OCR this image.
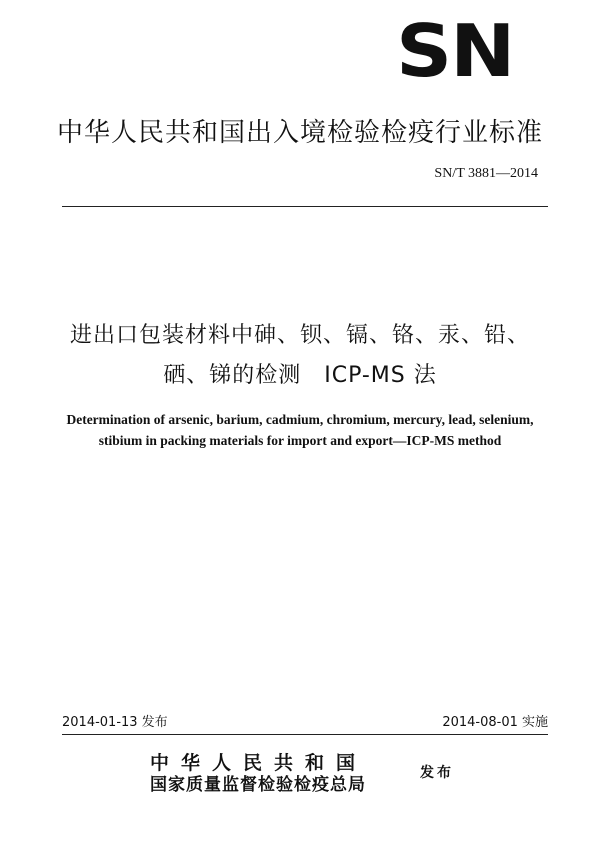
SN
中华人民共和国出入境检验检疫行业标准
SN/T 3881—2014
进出口包装材料中砷、钡、镉、铬、汞、铅、
硒、锑的检测　ICP-MS 法
Determination of arsenic, barium, cadmium, chromium, mercury, lead, selenium,
stibium in packing materials for import and export—ICP-MS method
2014-01-13 发布	2014-08-01 实施
中华人民共和国
国家质量监督检验检疫总局
发布
